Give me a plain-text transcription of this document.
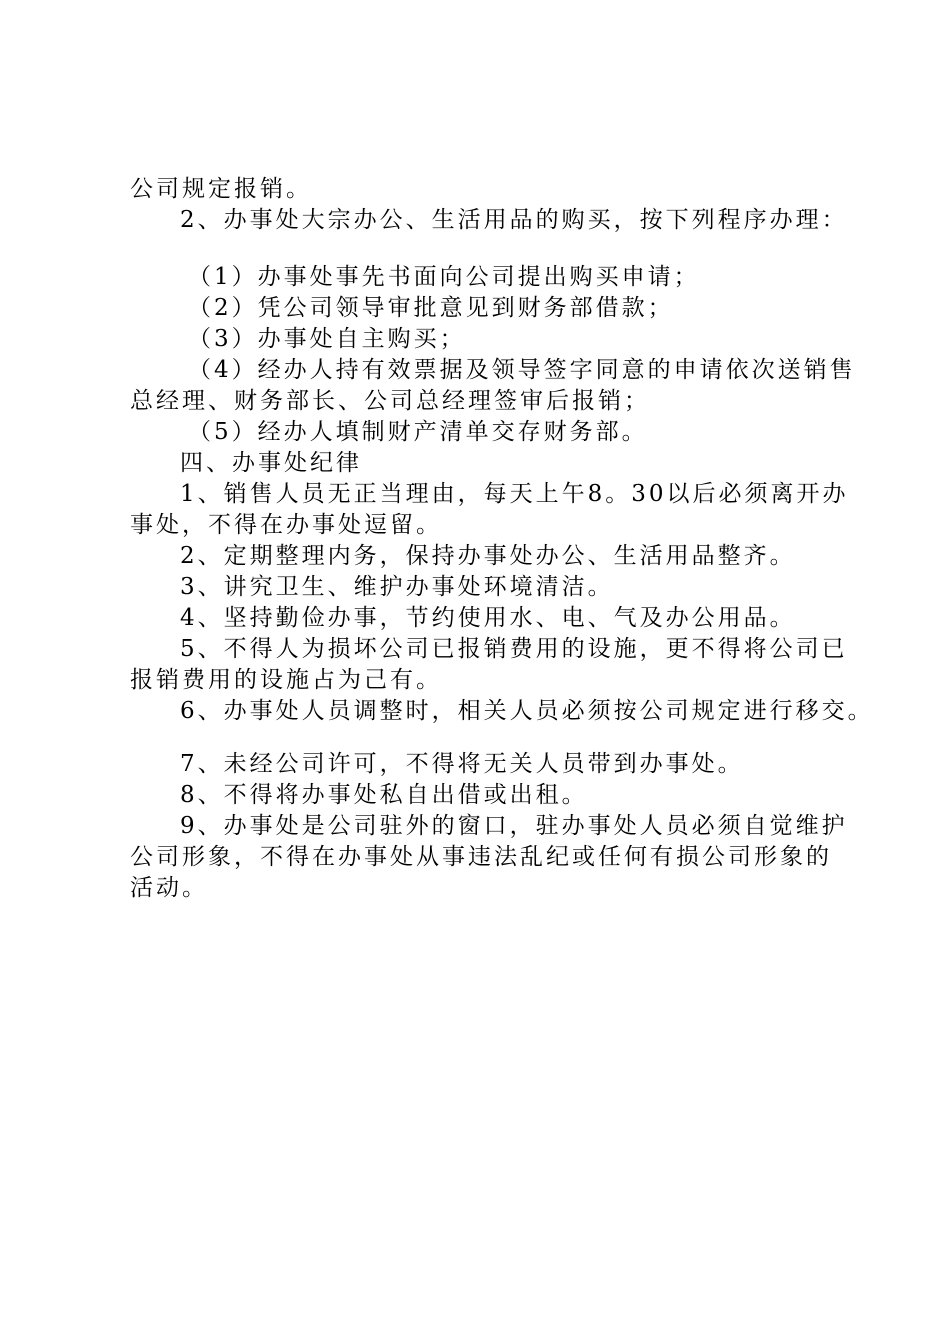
公司规定报销。

2、办事处大宗办公、生活用品的购买，按下列程序办理：

（1）办事处事先书面向公司提出购买申请；

（2）凭公司领导审批意见到财务部借款；

（3）办事处自主购买；

（4）经办人持有效票据及领导签字同意的申请依次送销售

总经理、财务部长、公司总经理签审后报销；

（5）经办人填制财产清单交存财务部。

四、办事处纪律

1、销售人员无正当理由，每天上午8。30以后必须离开办

事处，不得在办事处逗留。

2、定期整理内务，保持办事处办公、生活用品整齐。

3、讲究卫生、维护办事处环境清洁。

4、坚持勤俭办事，节约使用水、电、气及办公用品。

5、不得人为损坏公司已报销费用的设施，更不得将公司已

报销费用的设施占为己有。

6、办事处人员调整时，相关人员必须按公司规定进行移交。

7、未经公司许可，不得将无关人员带到办事处。

8、不得将办事处私自出借或出租。

9、办事处是公司驻外的窗口，驻办事处人员必须自觉维护

公司形象，不得在办事处从事违法乱纪或任何有损公司形象的

活动。
